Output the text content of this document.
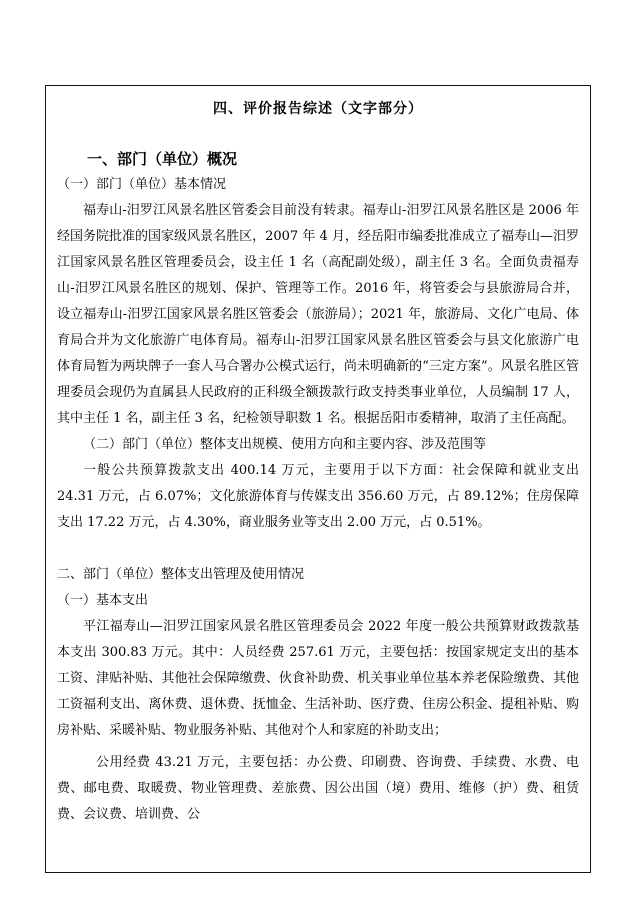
四、评价报告综述（文字部分）
一、部门（单位）概况
（一）部门（单位）基本情况

福寿山-汨罗江风景名胜区管委会目前没有转隶。福寿山-汨罗江风景名胜区是 2006 年经国务院批准的国家级风景名胜区，2007 年 4 月，经岳阳市编委批准成立了福寿山—汨罗江国家风景名胜区管理委员会，设主任 1 名（高配副处级），副主任 3 名。全面负责福寿山-汨罗江风景名胜区的规划、保护、管理等工作。2016 年，将管委会与县旅游局合并，设立福寿山-汨罗江国家风景名胜区管委会（旅游局）；2021 年，旅游局、文化广电局、体育局合并为文化旅游广电体育局。福寿山-汨罗江国家风景名胜区管委会与县文化旅游广电体育局暂为两块牌子一套人马合署办公模式运行，尚未明确新的“三定方案”。风景名胜区管理委员会现仍为直属县人民政府的正科级全额拨款行政支持类事业单位，人员编制 17 人，其中主任 1 名，副主任 3 名，纪检领导职数 1 名。根据岳阳市委精神，取消了主任高配。

（二）部门（单位）整体支出规模、使用方向和主要内容、涉及范围等

一般公共预算拨款支出 400.14 万元，主要用于以下方面：社会保障和就业支出 24.31 万元，占 6.07%；文化旅游体育与传媒支出 356.60 万元，占 89.12%；住房保障支出 17.22 万元，占 4.30%，商业服务业等支出 2.00 万元，占 0.51%。

二、部门（单位）整体支出管理及使用情况
（一）基本支出

平江福寿山—汨罗江国家风景名胜区管理委员会 2022 年度一般公共预算财政拨款基本支出 300.83 万元。其中：人员经费 257.61 万元，主要包括：按国家规定支出的基本工资、津贴补贴、其他社会保障缴费、伙食补助费、机关事业单位基本养老保险缴费、其他工资福利支出、离休费、退休费、抚恤金、生活补助、医疗费、住房公积金、提租补贴、购房补贴、采暖补贴、物业服务补贴、其他对个人和家庭的补助支出；

公用经费 43.21 万元，主要包括：办公费、印刷费、咨询费、手续费、水费、电费、邮电费、取暖费、物业管理费、差旅费、因公出国（境）费用、维修（护）费、租赁费、会议费、培训费、公
